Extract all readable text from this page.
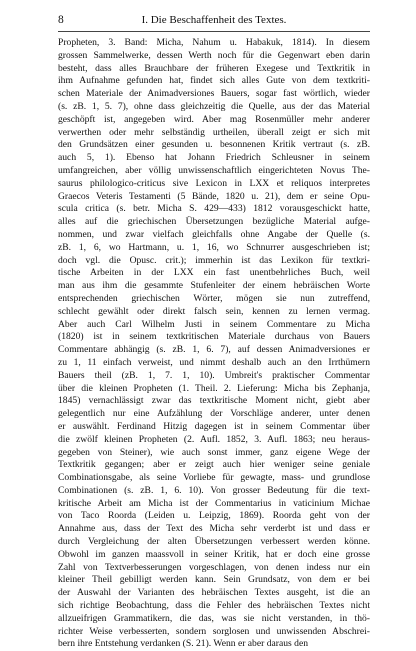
8	I. Die Beschaffenheit des Textes.
Propheten, 3. Band: Micha, Nahum u. Habakuk, 1814). In diesem
grossen Sammelwerke, dessen Werth noch für die Gegenwart eben darin
besteht, dass alles Brauchbare der früheren Exegese und Textkritik in
ihm Aufnahme gefunden hat, findet sich alles Gute von dem textkriti-
schen Materiale der Animadversiones Bauers, sogar fast wörtlich, wieder
(s. zB. 1, 5. 7), ohne dass gleichzeitig die Quelle, aus der das Material
geschöpft ist, angegeben wird. Aber mag Rosenmüller mehr anderer
verwerthen oder mehr selbständig urtheilen, überall zeigt er sich mit
den Grundsätzen einer gesunden u. besonnenen Kritik vertraut (s. zB.
auch 5, 1). Ebenso hat Johann Friedrich Schleusner in seinem
umfangreichen, aber völlig unwissenschaftlich eingerichteten Novus The-
saurus philologico-criticus sive Lexicon in LXX et reliquos interpretes
Graecos Veteris Testamenti (5 Bände, 1820 u. 21), dem er seine Opu-
scula critica (s. betr. Micha S. 429—433) 1812 vorausgeschickt hatte,
alles auf die griechischen Übersetzungen bezügliche Material aufge-
nommen, und zwar vielfach gleichfalls ohne Angabe der Quelle (s.
zB. 1, 6, wo Hartmann, u. 1, 16, wo Schnurrer ausgeschrieben ist;
doch vgl. die Opusc. crit.); immerhin ist das Lexikon für textkri-
tische Arbeiten in der LXX ein fast unentbehrliches Buch, weil
man aus ihm die gesammte Stufenleiter der einem hebräischen Worte
entsprechenden griechischen Wörter, mögen sie nun zutreffend,
schlecht gewählt oder direkt falsch sein, kennen zu lernen vermag.
Aber auch Carl Wilhelm Justi in seinem Commentare zu Micha
(1820) ist in seinem textkritischen Materiale durchaus von Bauers
Commentare abhängig (s. zB. 1, 6. 7), auf dessen Animadversiones er
zu 1, 11 einfach verweist, und nimmt deshalb auch an den Irrthümern
Bauers theil (zB. 1, 7. 1, 10). Umbreit's praktischer Commentar
über die kleinen Propheten (1. Theil. 2. Lieferung: Micha bis Zephanja,
1845) vernachlässigt zwar das textkritische Moment nicht, giebt aber
gelegentlich nur eine Aufzählung der Vorschläge anderer, unter denen
er auswählt. Ferdinand Hitzig dagegen ist in seinem Commentar über
die zwölf kleinen Propheten (2. Aufl. 1852, 3. Aufl. 1863; neu heraus-
gegeben von Steiner), wie auch sonst immer, ganz eigene Wege der
Textkritik gegangen; aber er zeigt auch hier weniger seine geniale
Combinationsgabe, als seine Vorliebe für gewagte, mass- und grundlose
Combinationen (s. zB. 1, 6. 10). Von grosser Bedeutung für die text-
kritische Arbeit am Micha ist der Commentarius in vaticinium Michae
von Taco Roorda (Leiden u. Leipzig, 1869). Roorda geht von der
Annahme aus, dass der Text des Micha sehr verderbt ist und dass er
durch Vergleichung der alten Übersetzungen verbessert werden könne.
Obwohl im ganzen maassvoll in seiner Kritik, hat er doch eine grosse
Zahl von Textverbesserungen vorgeschlagen, von denen indess nur ein
kleiner Theil gebilligt werden kann. Sein Grundsatz, von dem er bei
der Auswahl der Varianten des hebräischen Textes ausgeht, ist die an
sich richtige Beobachtung, dass die Fehler des hebräischen Textes nicht
allzueifrigen Grammatikern, die das, was sie nicht verstanden, in thö-
richter Weise verbesserten, sondern sorglosen und unwissenden Abschrei-
bern ihre Entstehung verdanken (S. 21). Wenn er aber daraus den
